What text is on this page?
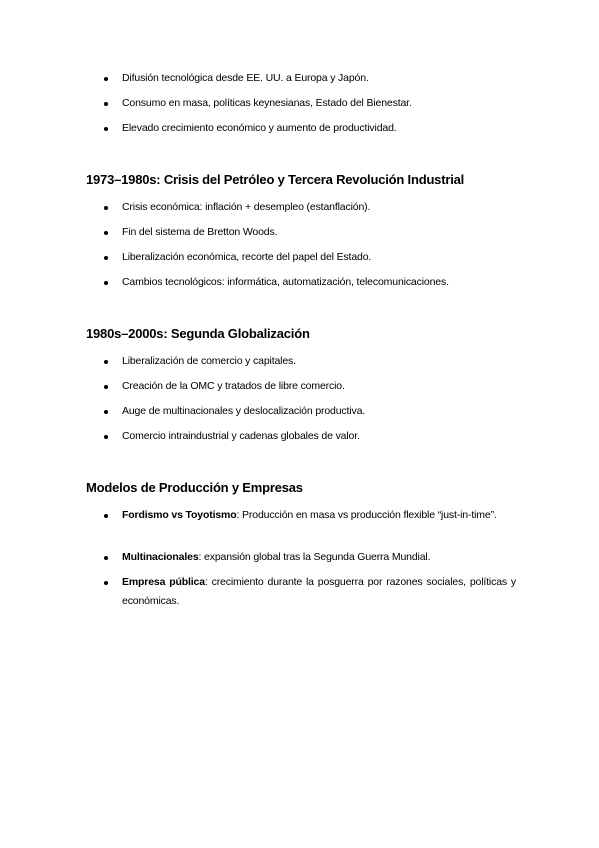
Difusión tecnológica desde EE. UU. a Europa y Japón.
Consumo en masa, políticas keynesianas, Estado del Bienestar.
Elevado crecimiento económico y aumento de productividad.
1973–1980s: Crisis del Petróleo y Tercera Revolución Industrial
Crisis económica: inflación + desempleo (estanflación).
Fin del sistema de Bretton Woods.
Liberalización económica, recorte del papel del Estado.
Cambios tecnológicos: informática, automatización, telecomunicaciones.
1980s–2000s: Segunda Globalización
Liberalización de comercio y capitales.
Creación de la OMC y tratados de libre comercio.
Auge de multinacionales y deslocalización productiva.
Comercio intraindustrial y cadenas globales de valor.
Modelos de Producción y Empresas
Fordismo vs Toyotismo: Producción en masa vs producción flexible “just-in-time”.
Multinacionales: expansión global tras la Segunda Guerra Mundial.
Empresa pública: crecimiento durante la posguerra por razones sociales, políticas y económicas.
